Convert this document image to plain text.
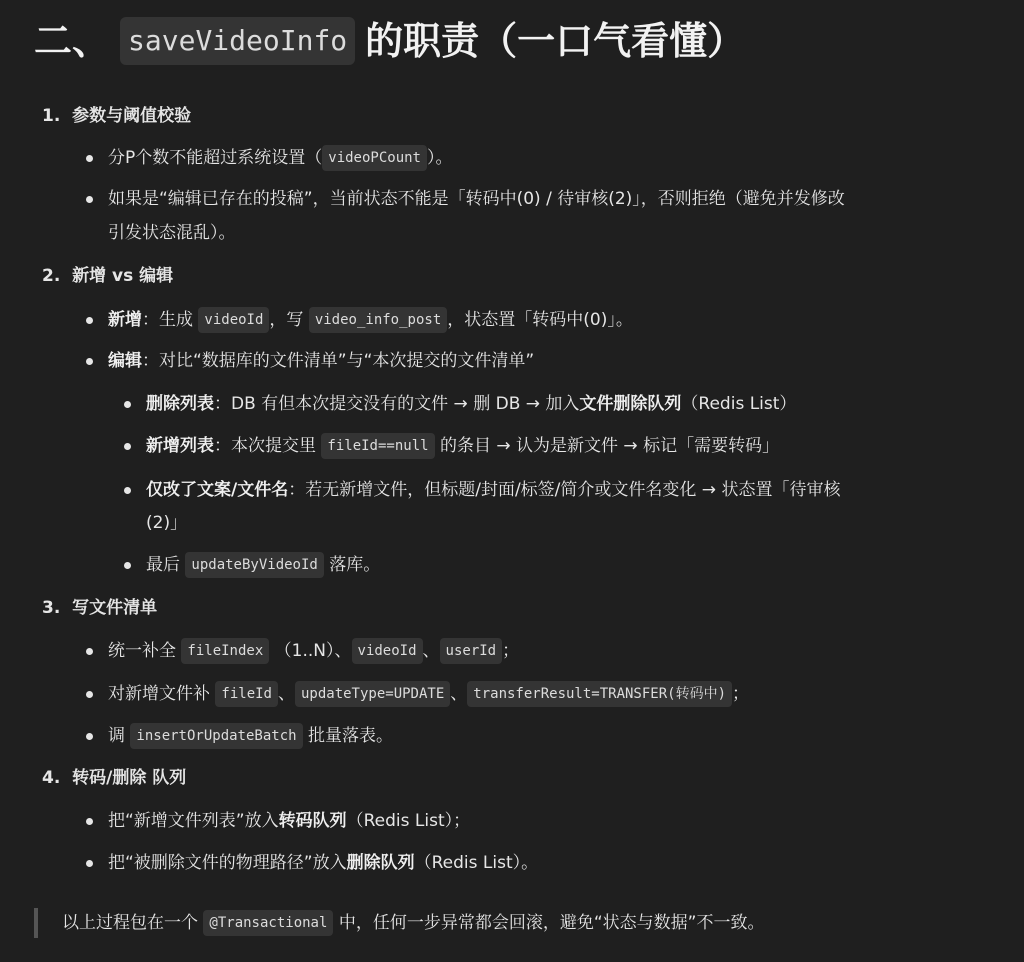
二、 saveVideoInfo 的职责（一口气看懂）
1. 参数与阈值校验
分P个数不能超过系统设置（ videoPCount ）。
如果是“编辑已存在的投稿”，当前状态不能是「转码中(0) / 待审核(2)」，否则拒绝（避免并发修改
引发状态混乱）。
2. 新增 vs 编辑
新增：生成 videoId ，写 video_info_post ，状态置「转码中(0)」。
编辑：对比“数据库的文件清单”与“本次提交的文件清单”
删除列表：DB 有但本次提交没有的文件 → 删 DB → 加入文件删除队列（Redis List）
新增列表：本次提交里 fileId==null 的条目 → 认为是新文件 → 标记「需要转码」
仅改了文案/文件名：若无新增文件，但标题/封面/标签/简介或文件名变化 → 状态置「待审核
(2)」
最后 updateByVideoId 落库。
3. 写文件清单
统一补全 fileIndex （1..N）、 videoId 、 userId ；
对新增文件补 fileId 、 updateType=UPDATE 、 transferResult=TRANSFER(转码中) ；
调 insertOrUpdateBatch 批量落表。
4. 转码/删除 队列
把“新增文件列表”放入转码队列（Redis List）；
把“被删除文件的物理路径”放入删除队列（Redis List）。
以上过程包在一个 @Transactional 中，任何一步异常都会回滚，避免“状态与数据”不一致。
